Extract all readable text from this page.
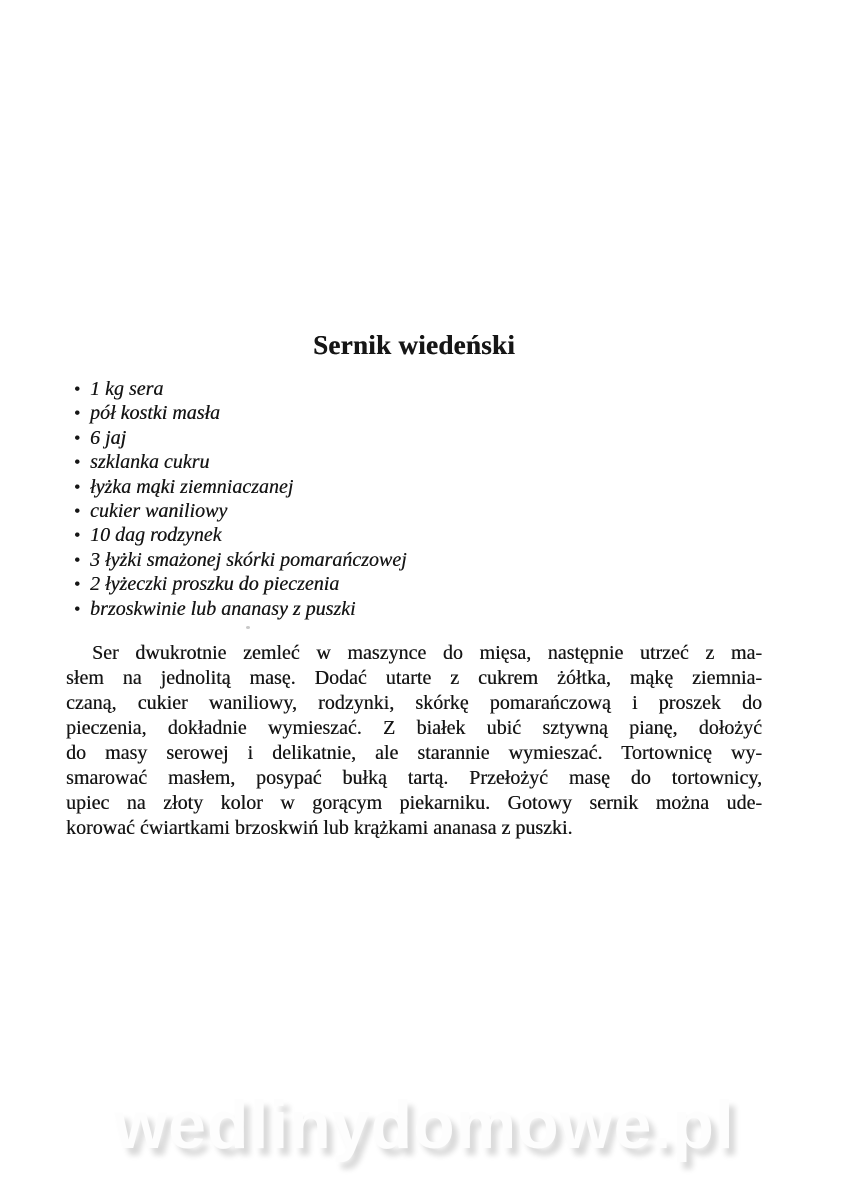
Sernik wiedeński
• 1 kg sera
• pół kostki masła
• 6 jaj
• szklanka cukru
• łyżka mąki ziemniaczanej
• cukier waniliowy
• 10 dag rodzynek
• 3 łyżki smażonej skórki pomarańczowej
• 2 łyżeczki proszku do pieczenia
• brzoskwinie lub ananasy z puszki
Ser dwukrotnie zemleć w maszynce do mięsa, następnie utrzeć z ma-
słem na jednolitą masę. Dodać utarte z cukrem żółtka, mąkę ziemnia-
czaną, cukier waniliowy, rodzynki, skórkę pomarańczową i proszek do
pieczenia, dokładnie wymieszać. Z białek ubić sztywną pianę, dołożyć
do masy serowej i delikatnie, ale starannie wymieszać. Tortownicę wy-
smarować masłem, posypać bułką tartą. Przełożyć masę do tortownicy,
upiec na złoty kolor w gorącym piekarniku. Gotowy sernik można ude-
korować ćwiartkami brzoskwiń lub krążkami ananasa z puszki.
wedlinydomowe.pl
